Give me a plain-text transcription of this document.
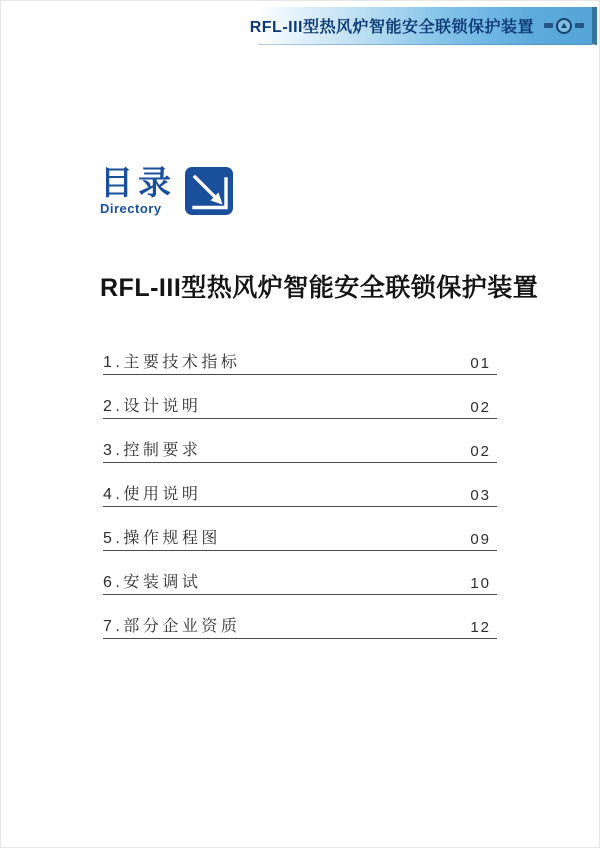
RFL-III型热风炉智能安全联锁保护装置
目录
Directory
RFL-III型热风炉智能安全联锁保护装置
1.主要技术指标	01
2.设计说明	02
3.控制要求	02
4.使用说明	03
5.操作规程图	09
6.安装调试	10
7.部分企业资质	12
